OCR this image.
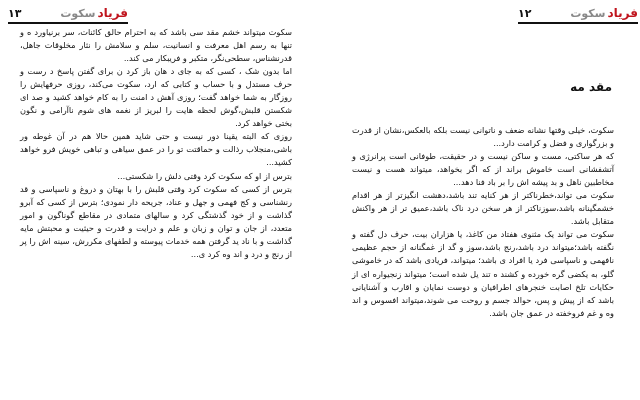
فریاد
سکوت
١٣

سکوت میتواند خشم مقد سی باشد که به احترام حالق کائنات، سر برنیاورد ه و تنها به رسم اهل معرفت و انسانیت، سلم و سلامش را نثار مخلوقات جاهل، قدرنشناس، سطحی‌نگر، متکبر و فریبکار می کند..

اما بدون شک ، کسی که به جای د هان باز کرد ن برای گفتن پاسخ د رست و حرف مستدل و با حساب و کتابی که ارد، سکوت می‌کند، روزی حرفهایش را روزگار به شما خواهد گفت؛ روزی آهش د امنت را به کام خواهد کشید و صد ای شکستن قلبش،گوش لحظه هایت را لبریز از نغمه های شوم ناآرامی و نگون بختی خواهد کرد.

روزی که البته یقینا دور نیست و حتی شاید همین حالا هم در آن غوطه ور باشی،منجلاب رذالت و حماقتت تو را در عمق سیاهی و تباهی خویش فرو خواهد کشید...

بترس از او که سکوت کرد وقتی دلش را شکستی...

بترس از کسی که سکوت کرد وقتی قلبش را با بهتان و دروغ و ناسپاسی و قد رنشناسی و کج فهمی و جهل و عناد، جریحه دار نمودی؛ بترس از کسی که آبرو گذاشت و از خود گذشتگی کرد و سالهای متمادی در مقاطع گوناگون و امور متعدد، از جان و توان و زبان و علم و درایت و قدرت و حیثیت و محبتش مایه گذاشت و با ناد ید گرفتن همه خدمات پیوسته و لطفهای مکررش، سینه اش را پر از رنج و درد و اند وه کرد ی...

فریاد
سکوت
١٢
مقد مه

سکوت، خیلی وقتها نشانه ضعف و ناتوانی نیست بلکه بالعکس،نشان از قدرت و بزرگواری و فضل و کرامت دارد...

که هر ساکتی، مست و ساکن نیست و در حقیقت، طوفانی است پرانرژی و آتشفشانی است خاموش براند از که اگر بخواهد، میتواند هست و نیست مخاطبین ناهل و بد پیشه اش را بر باد فنا دهد...

سکوت می تواند،خطرناکتر از هر کنایه تند باشد،دهشت انگیزتر از هر اقدام خشمگینانه باشد،سوزناکتر از هر سخن درد ناک باشد،عمیق تر از هر واکنش متقابل باشد.

سکوت می تواند یک مثنوی هفتاد من کاغذ، یا هزاران بیت، حرف دل گفته و نگفته باشد؛میتواند درد باشد،رنج باشد،سوز و گد از غمگنانه از حجم عظیمی نافهمی و ناسپاسی فرد یا افراد ی باشد؛ میتواند، فریادی باشد که در خاموشی گلو، به یکضی گره خورده و کشند ه تند یل شده است؛ میتواند زنجیواره ای از حکایات تلخ اصابت خنجرهای اطرافیان و دوست نمایان و اقارب و آشنایانی باشد که از پیش و پس، حوالد جسم و روحت می شوند،میتواند افسوس و اند وه و غم فروخفته در عمق جان باشد.
